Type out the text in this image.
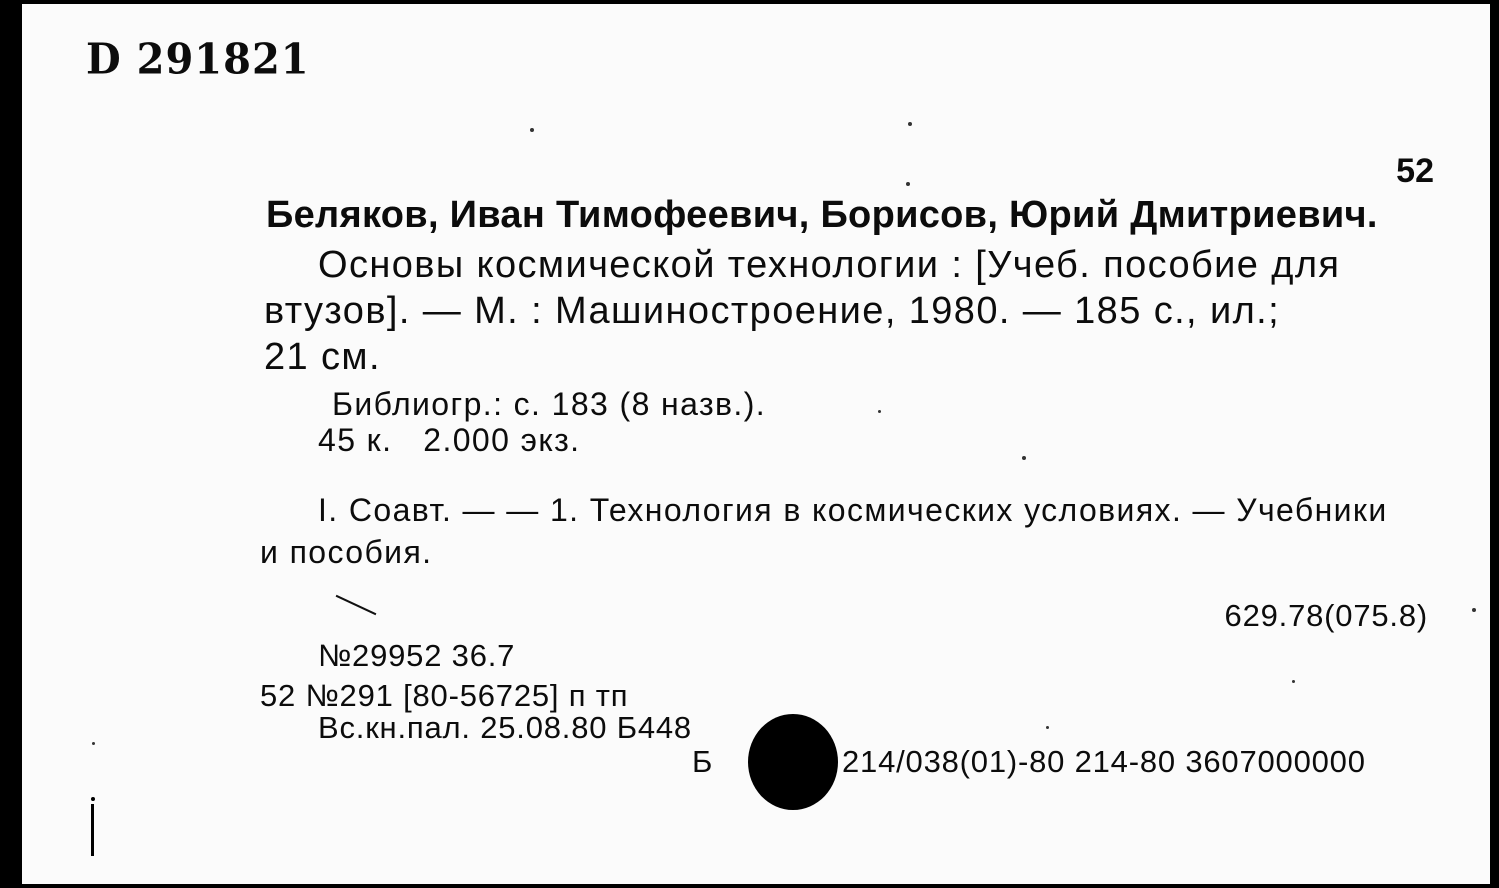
D 291821
52
Беляков, Иван Тимофеевич, Борисов, Юрий Дмитриевич.
Основы космической технологии : [Учеб. пособие для
втузов]. — М. : Машиностроение, 1980. — 185 с., ил.;
21 см.
Библиогр.: с. 183 (8 назв.).
45 к.   2.000 экз.
I. Соавт. — — 1. Технология в космических условиях. — Учебники
и пособия.
629.78(075.8)
№29952 36.7
52 №291 [80-56725] п тп
Вс.кн.пал. 25.08.80 Б448
Б	214/038(01)-80 214-80 3607000000
